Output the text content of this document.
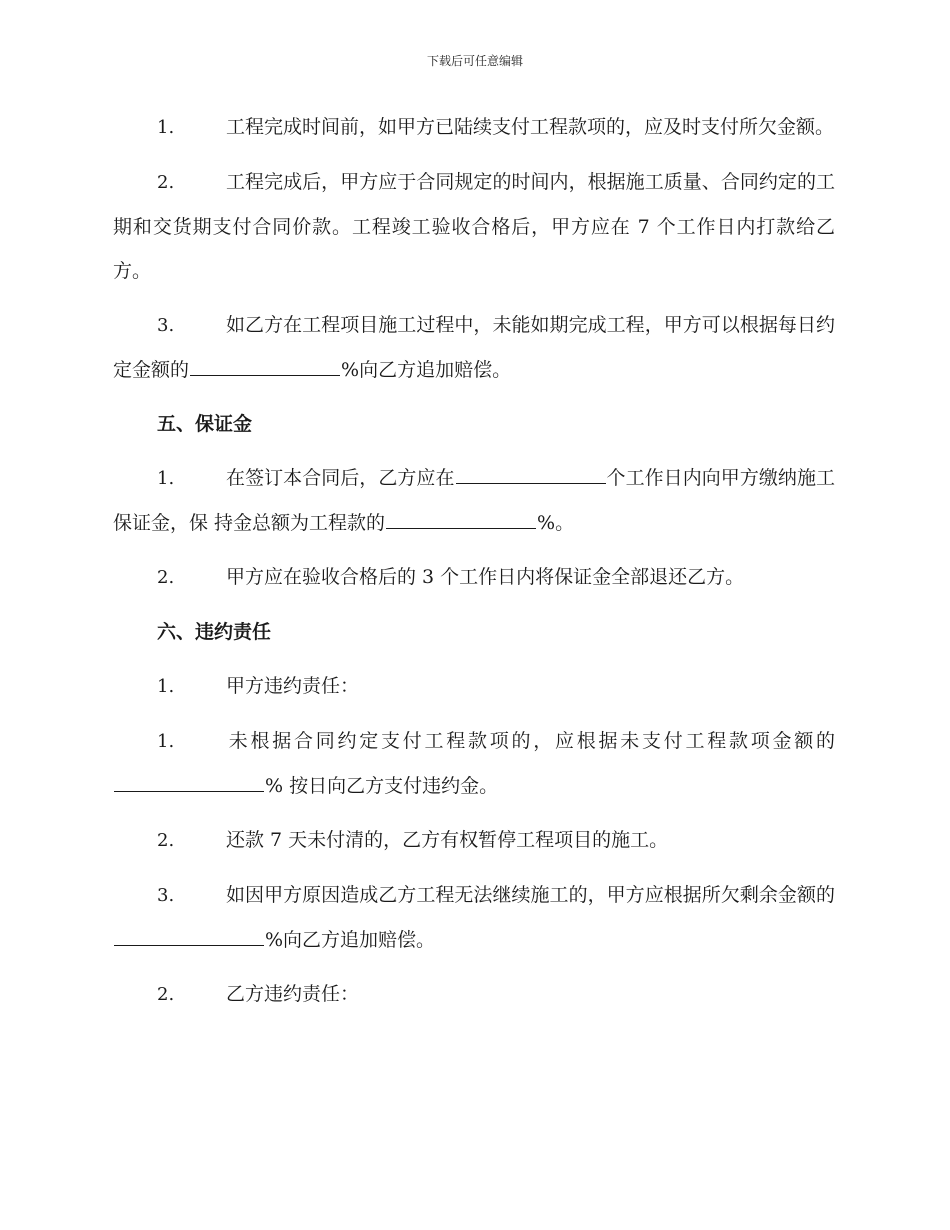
下载后可任意编辑

1.	工程完成时间前，如甲方已陆续支付工程款项的，应及时支付所欠金额。

2.	工程完成后，甲方应于合同规定的时间内，根据施工质量、合同约定的工期和交货期支付合同价款。工程竣工验收合格后，甲方应在 7 个工作日内打款给乙方。

3.	如乙方在工程项目施工过程中，未能如期完成工程，甲方可以根据每日约定金额的	%向乙方追加赔偿。

五、保证金

1.	在签订本合同后，乙方应在	个工作日内向甲方缴纳施工保证金，保 持金总额为工程款的	%。

2.	甲方应在验收合格后的 3 个工作日内将保证金全部退还乙方。

六、违约责任

1.	甲方违约责任：

1.	未根据合同约定支付工程款项的，应根据未支付工程款项金额的% 按日向乙方支付违约金。

2.	还款 7 天未付清的，乙方有权暂停工程项目的施工。

3.	如因甲方原因造成乙方工程无法继续施工的，甲方应根据所欠剩余金额的%向乙方追加赔偿。

2.	乙方违约责任：
